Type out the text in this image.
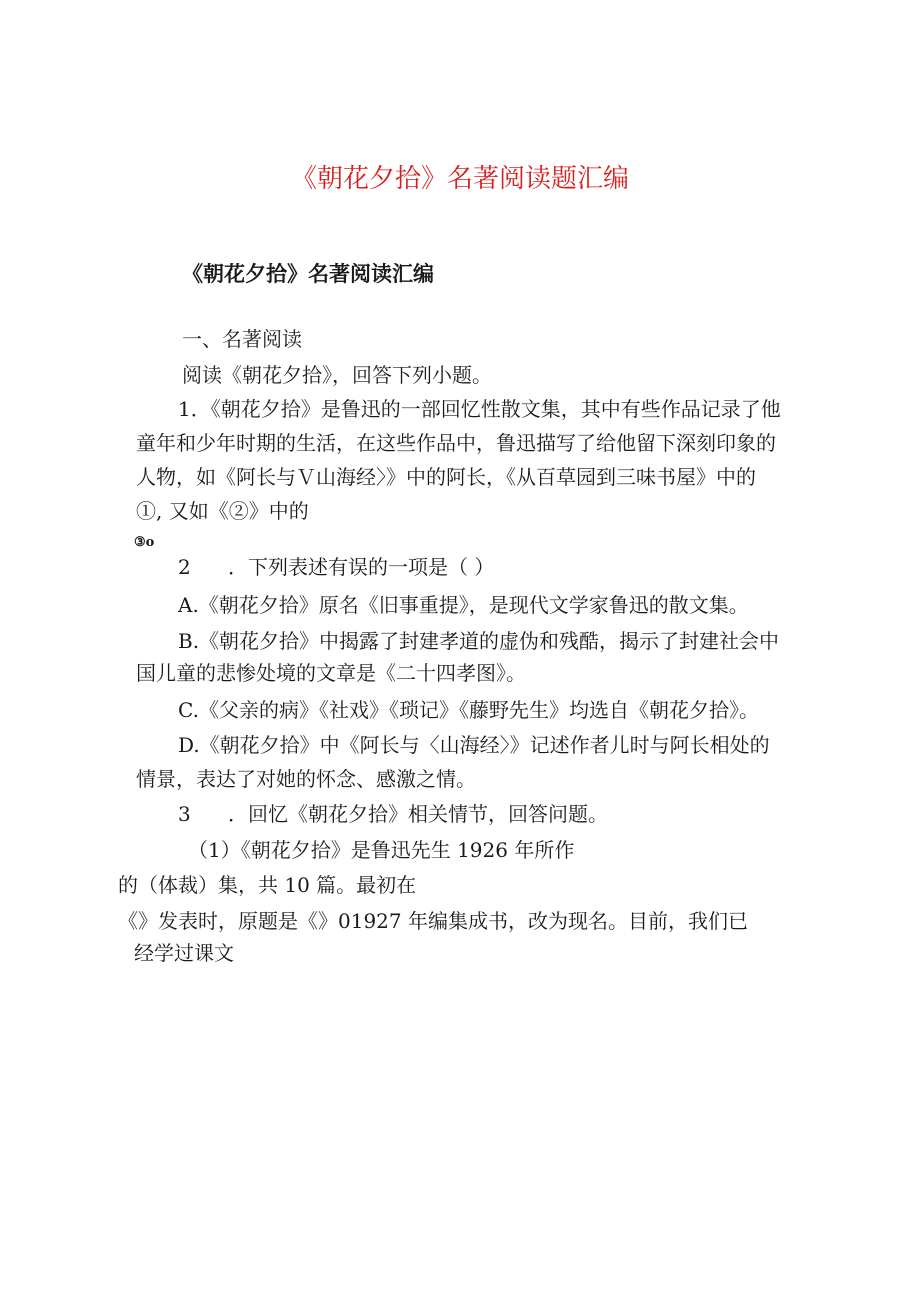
《朝花夕拾》名著阅读题汇编
《朝花夕拾》名著阅读汇编
一、名著阅读
阅读《朝花夕拾》，回答下列小题。
1．《朝花夕拾》是鲁迅的一部回忆性散文集，其中有些作品记录了他
童年和少年时期的生活，在这些作品中，鲁迅描写了给他留下深刻印象的
人物，如《阿长与Ｖ山海经〉》中的阿长，《从百草园到三味书屋》中的
①, 又如《②》中的
③o
2 ．下列表述有误的一项是（ ）
A.《朝花夕拾》原名《旧事重提》，是现代文学家鲁迅的散文集。
B.《朝花夕拾》中揭露了封建孝道的虚伪和残酷，揭示了封建社会中
国儿童的悲惨处境的文章是《二十四孝图》。
C.《父亲的病》《社戏》《琐记》《藤野先生》均选自《朝花夕拾》。
D.《朝花夕拾》中《阿长与〈山海经〉》记述作者儿时与阿长相处的
情景，表达了对她的怀念、感激之情。
3 ．回忆《朝花夕拾》相关情节，回答问题。
（1）《朝花夕拾》是鲁迅先生 1926 年所作
的（体裁）集，共 10 篇。最初在
《》发表时，原题是《》01927 年编集成书，改为现名。目前，我们已
经学过课文
